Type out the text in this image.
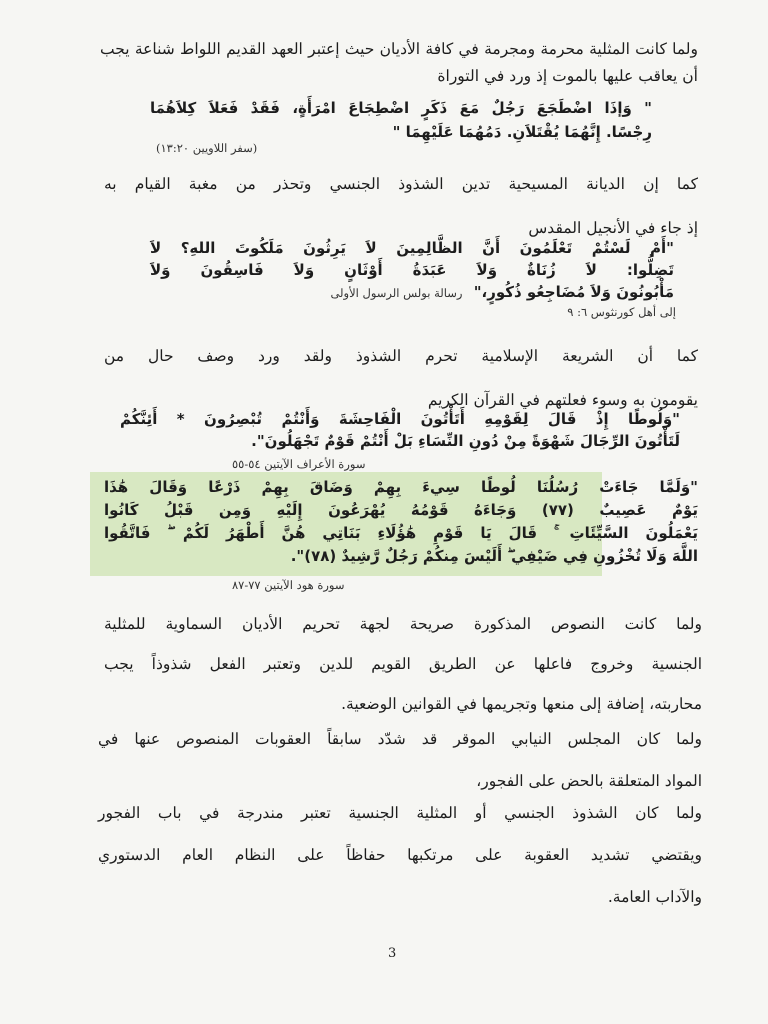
ولما كانت المثلية محرمة ومجرمة في كافة الأديان حيث إعتبر العهد القديم اللواط شناعة يجب
أن يعاقب عليها بالموت إذ ورد في التوراة
" وَإذَا اضْطَجَعَ رَجُلٌ مَعَ ذَكَرٍ اضْطِجَاعَ امْرَأَةٍ، فَقَدْ فَعَلاَ كِلاَهُمَا
رِجْسًا. إِنَّهُمَا يُقْتَلاَنِ. دَمُهُمَا عَلَيْهِمَا "
(سفر اللاويين ١٣:٢٠)
كما إن الديانة المسيحية تدين الشذوذ الجنسي وتحذر من مغبة القيام به
إذ جاء في الأنجيل المقدس
"أَمْ لَسْتُمْ تَعْلَمُونَ أَنَّ الظَّالِمِينَ لاَ يَرِثُونَ مَلَكُوتَ اللهِ؟ لاَ
تَضِلُّوا: لاَ زُنَاةٌ وَلاَ عَبَدَةُ أَوْثَانٍ وَلاَ فَاسِقُونَ وَلاَ
مَأْبُونُونَ وَلاَ مُضَاجِعُو ذُكُورٍ،" رسالة بولس الرسول الأولى
إلى أهل كورنثوس ٦: ٩
كما أن الشريعة الإسلامية تحرم الشذوذ ولقد ورد وصف حال من
يقومون به وسوء فعلتهم في القرآن الكريم
"وَلُوطًا إِذْ قَالَ لِقَوْمِهِ أَتَأْتُونَ الْفَاحِشَةَ وَأَنْتُمْ تُبْصِرُونَ * أَئِنَّكُمْ
لَتَأْتُونَ الرِّجَالَ شَهْوَةً مِنْ دُونِ النِّسَاءِ بَلْ أَنْتُمْ قَوْمٌ تَجْهَلُونَ".
سورة الأعراف الآيتين ٥٤-٥٥
"وَلَمَّا جَاءَتْ رُسُلُنَا لُوطًا سِيءَ بِهِمْ وَضَاقَ بِهِمْ ذَرْعًا وَقَالَ هَٰذَا
يَوْمٌ عَصِيبٌ (٧٧) وَجَاءَهُ قَوْمُهُ يُهْرَعُونَ إِلَيْهِ وَمِن قَبْلُ كَانُوا
يَعْمَلُونَ السَّيِّئَاتِ ۚ قَالَ يَا قَوْمِ هَٰؤُلَاءِ بَنَاتِي هُنَّ أَطْهَرُ لَكُمْ ۖ فَاتَّقُوا
اللَّهَ وَلَا تُخْزُونِ فِي ضَيْفِي ۖ أَلَيْسَ مِنكُمْ رَجُلٌ رَّشِيدٌ (٧٨)".
سورة هود الآيتين ٧٧-٨٧
ولما كانت النصوص المذكورة صريحة لجهة تحريم الأديان السماوية للمثلية
الجنسية وخروج فاعلها عن الطريق القويم للدين وتعتبر الفعل شذوذاً يجب
محاربته، إضافة إلى منعها وتجريمها في القوانين الوضعية.
ولما كان المجلس النيابي الموقر قد شدّد سابقاً العقوبات المنصوص عنها في
المواد المتعلقة بالحض على الفجور،
ولما كان الشذوذ الجنسي أو المثلية الجنسية تعتبر مندرجة في باب الفجور
ويقتضي تشديد العقوبة على مرتكبها حفاظاً على النظام العام الدستوري
والآداب العامة.
3
